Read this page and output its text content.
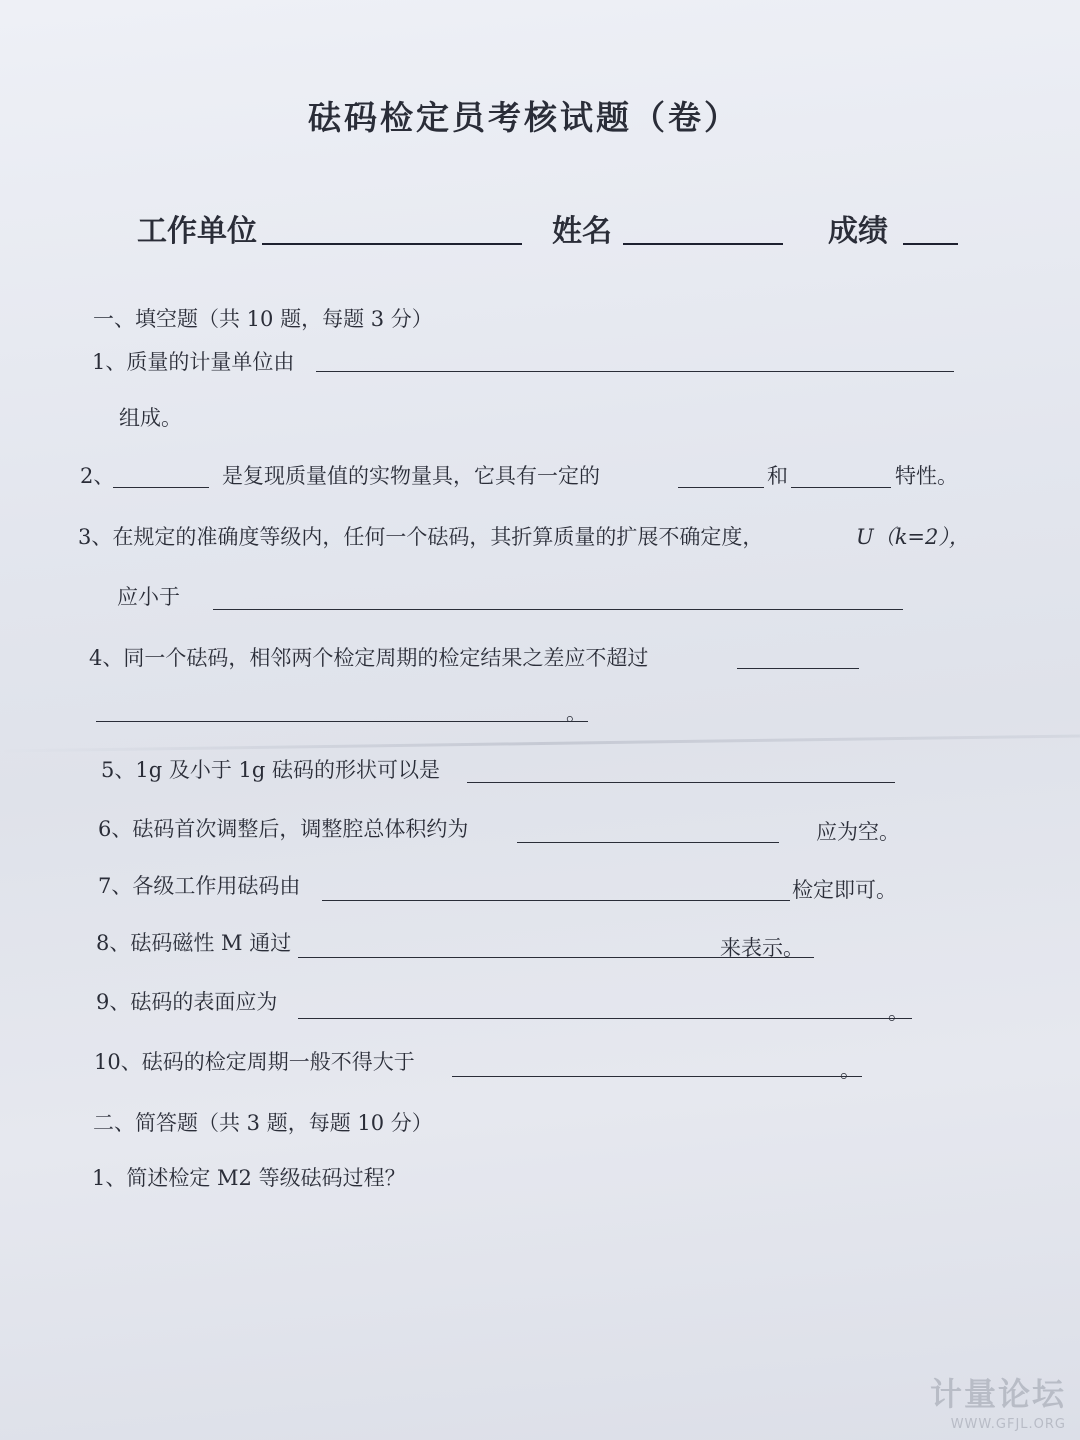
砝码检定员考核试题（卷）
工作单位	姓名	成绩
一、填空题（共 10 题，每题 3 分）
1、质量的计量单位由
组成。
2、	是复现质量值的实物量具，它具有一定的	和	特性。
3、在规定的准确度等级内，任何一个砝码，其折算质量的扩展不确定度，	U（k=2），
应小于
4、同一个砝码，相邻两个检定周期的检定结果之差应不超过
。
5、1g 及小于 1g 砝码的形状可以是
6、砝码首次调整后，调整腔总体积约为	应为空。
7、各级工作用砝码由	检定即可。
8、砝码磁性 M 通过	来表示。
9、砝码的表面应为	。
10、砝码的检定周期一般不得大于	。
二、简答题（共 3 题，每题 10 分）
1、简述检定 M2 等级砝码过程？
计量论坛
WWW.GFJL.ORG
